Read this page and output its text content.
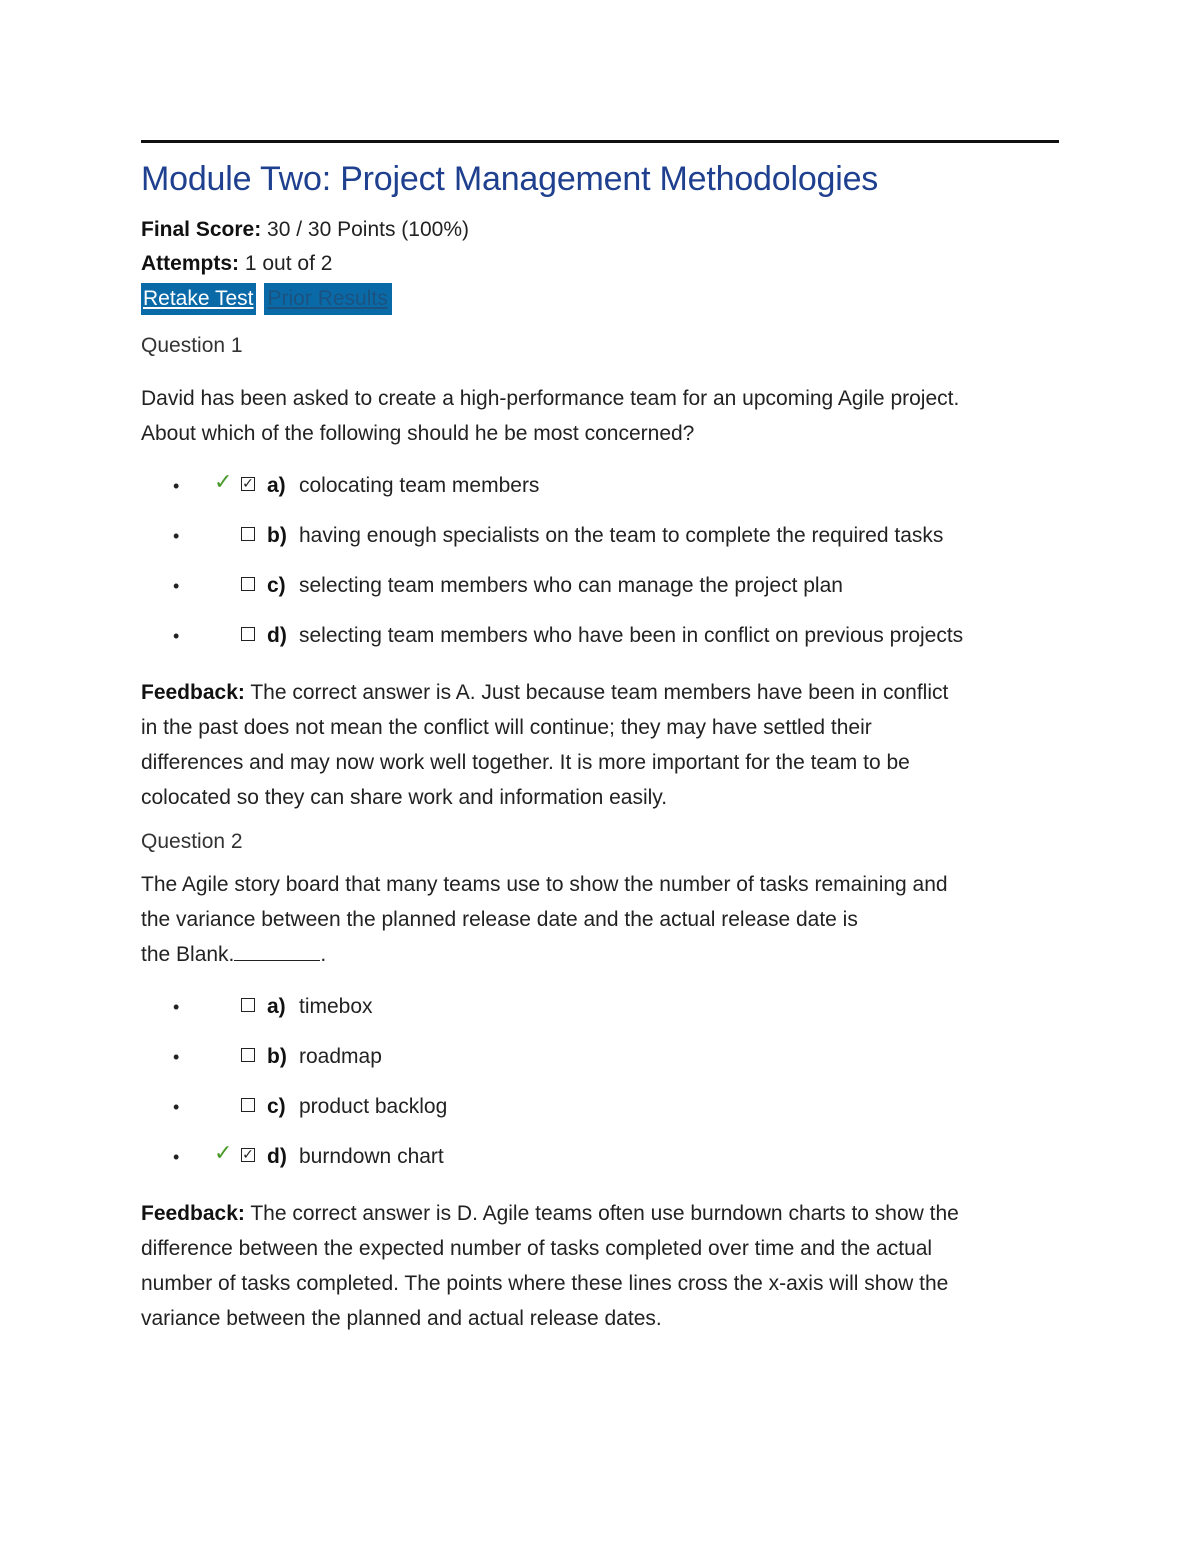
Module Two: Project Management Methodologies
Final Score: 30 / 30 Points (100%)
Attempts: 1 out of 2
Retake Test Prior Results
Question 1
David has been asked to create a high-performance team for an upcoming Agile project.
About which of the following should he be most concerned?
• ✓ ✓ a) colocating team members
•	b) having enough specialists on the team to complete the required tasks
•	c) selecting team members who can manage the project plan
•	d) selecting team members who have been in conflict on previous projects
Feedback: The correct answer is A. Just because team members have been in conflict
in the past does not mean the conflict will continue; they may have settled their
differences and may now work well together. It is more important for the team to be
colocated so they can share work and information easily.
Question 2
The Agile story board that many teams use to show the number of tasks remaining and
the variance between the planned release date and the actual release date is
the Blank.	.
•	a) timebox
•	b) roadmap
•	c) product backlog
• ✓ ✓ d) burndown chart
Feedback: The correct answer is D. Agile teams often use burndown charts to show the
difference between the expected number of tasks completed over time and the actual
number of tasks completed. The points where these lines cross the x-axis will show the
variance between the planned and actual release dates.
